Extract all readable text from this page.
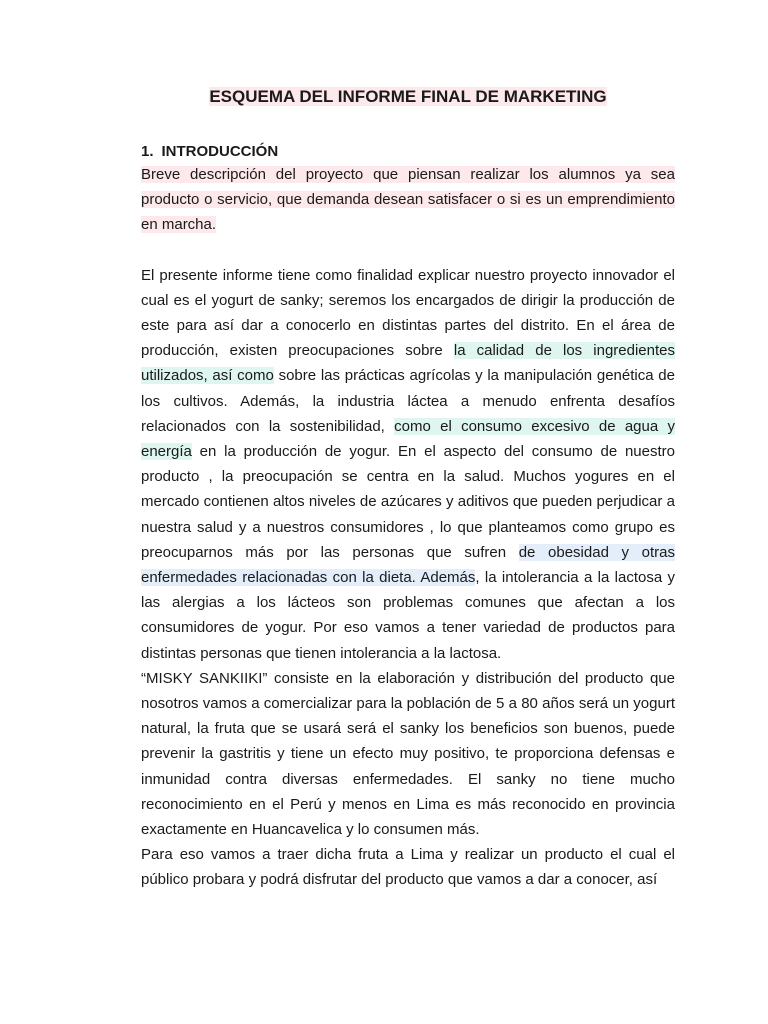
ESQUEMA DEL INFORME FINAL DE MARKETING
1. INTRODUCCIÓN

Breve descripción del proyecto que piensan realizar los alumnos ya sea producto o servicio, que demanda desean satisfacer o si es un emprendimiento en marcha.

El presente informe tiene como finalidad explicar nuestro proyecto innovador el cual es el yogurt de sanky; seremos los encargados de dirigir la producción de este para así dar a conocerlo en distintas partes del distrito. En el área de producción, existen preocupaciones sobre la calidad de los ingredientes utilizados, así como sobre las prácticas agrícolas y la manipulación genética de los cultivos. Además, la industria láctea a menudo enfrenta desafíos relacionados con la sostenibilidad, como el consumo excesivo de agua y energía en la producción de yogur. En el aspecto del consumo de nuestro producto , la preocupación se centra en la salud. Muchos yogures en el mercado contienen altos niveles de azúcares y aditivos que pueden perjudicar a nuestra salud y a nuestros consumidores , lo que planteamos como grupo es preocuparnos más por las personas que sufren de obesidad y otras enfermedades relacionadas con la dieta. Además, la intolerancia a la lactosa y las alergias a los lácteos son problemas comunes que afectan a los consumidores de yogur. Por eso vamos a tener variedad de productos para distintas personas que tienen intolerancia a la lactosa.

“MISKY SANKIIKI” consiste en la elaboración y distribución del producto que nosotros vamos a comercializar para la población de 5 a 80 años será un yogurt natural, la fruta que se usará será el sanky los beneficios son buenos, puede prevenir la gastritis y tiene un efecto muy positivo, te proporciona defensas e inmunidad contra diversas enfermedades. El sanky no tiene mucho reconocimiento en el Perú y menos en Lima es más reconocido en provincia exactamente en Huancavelica y lo consumen más.

Para eso vamos a traer dicha fruta a Lima y realizar un producto el cual el público probara y podrá disfrutar del producto que vamos a dar a conocer, así
